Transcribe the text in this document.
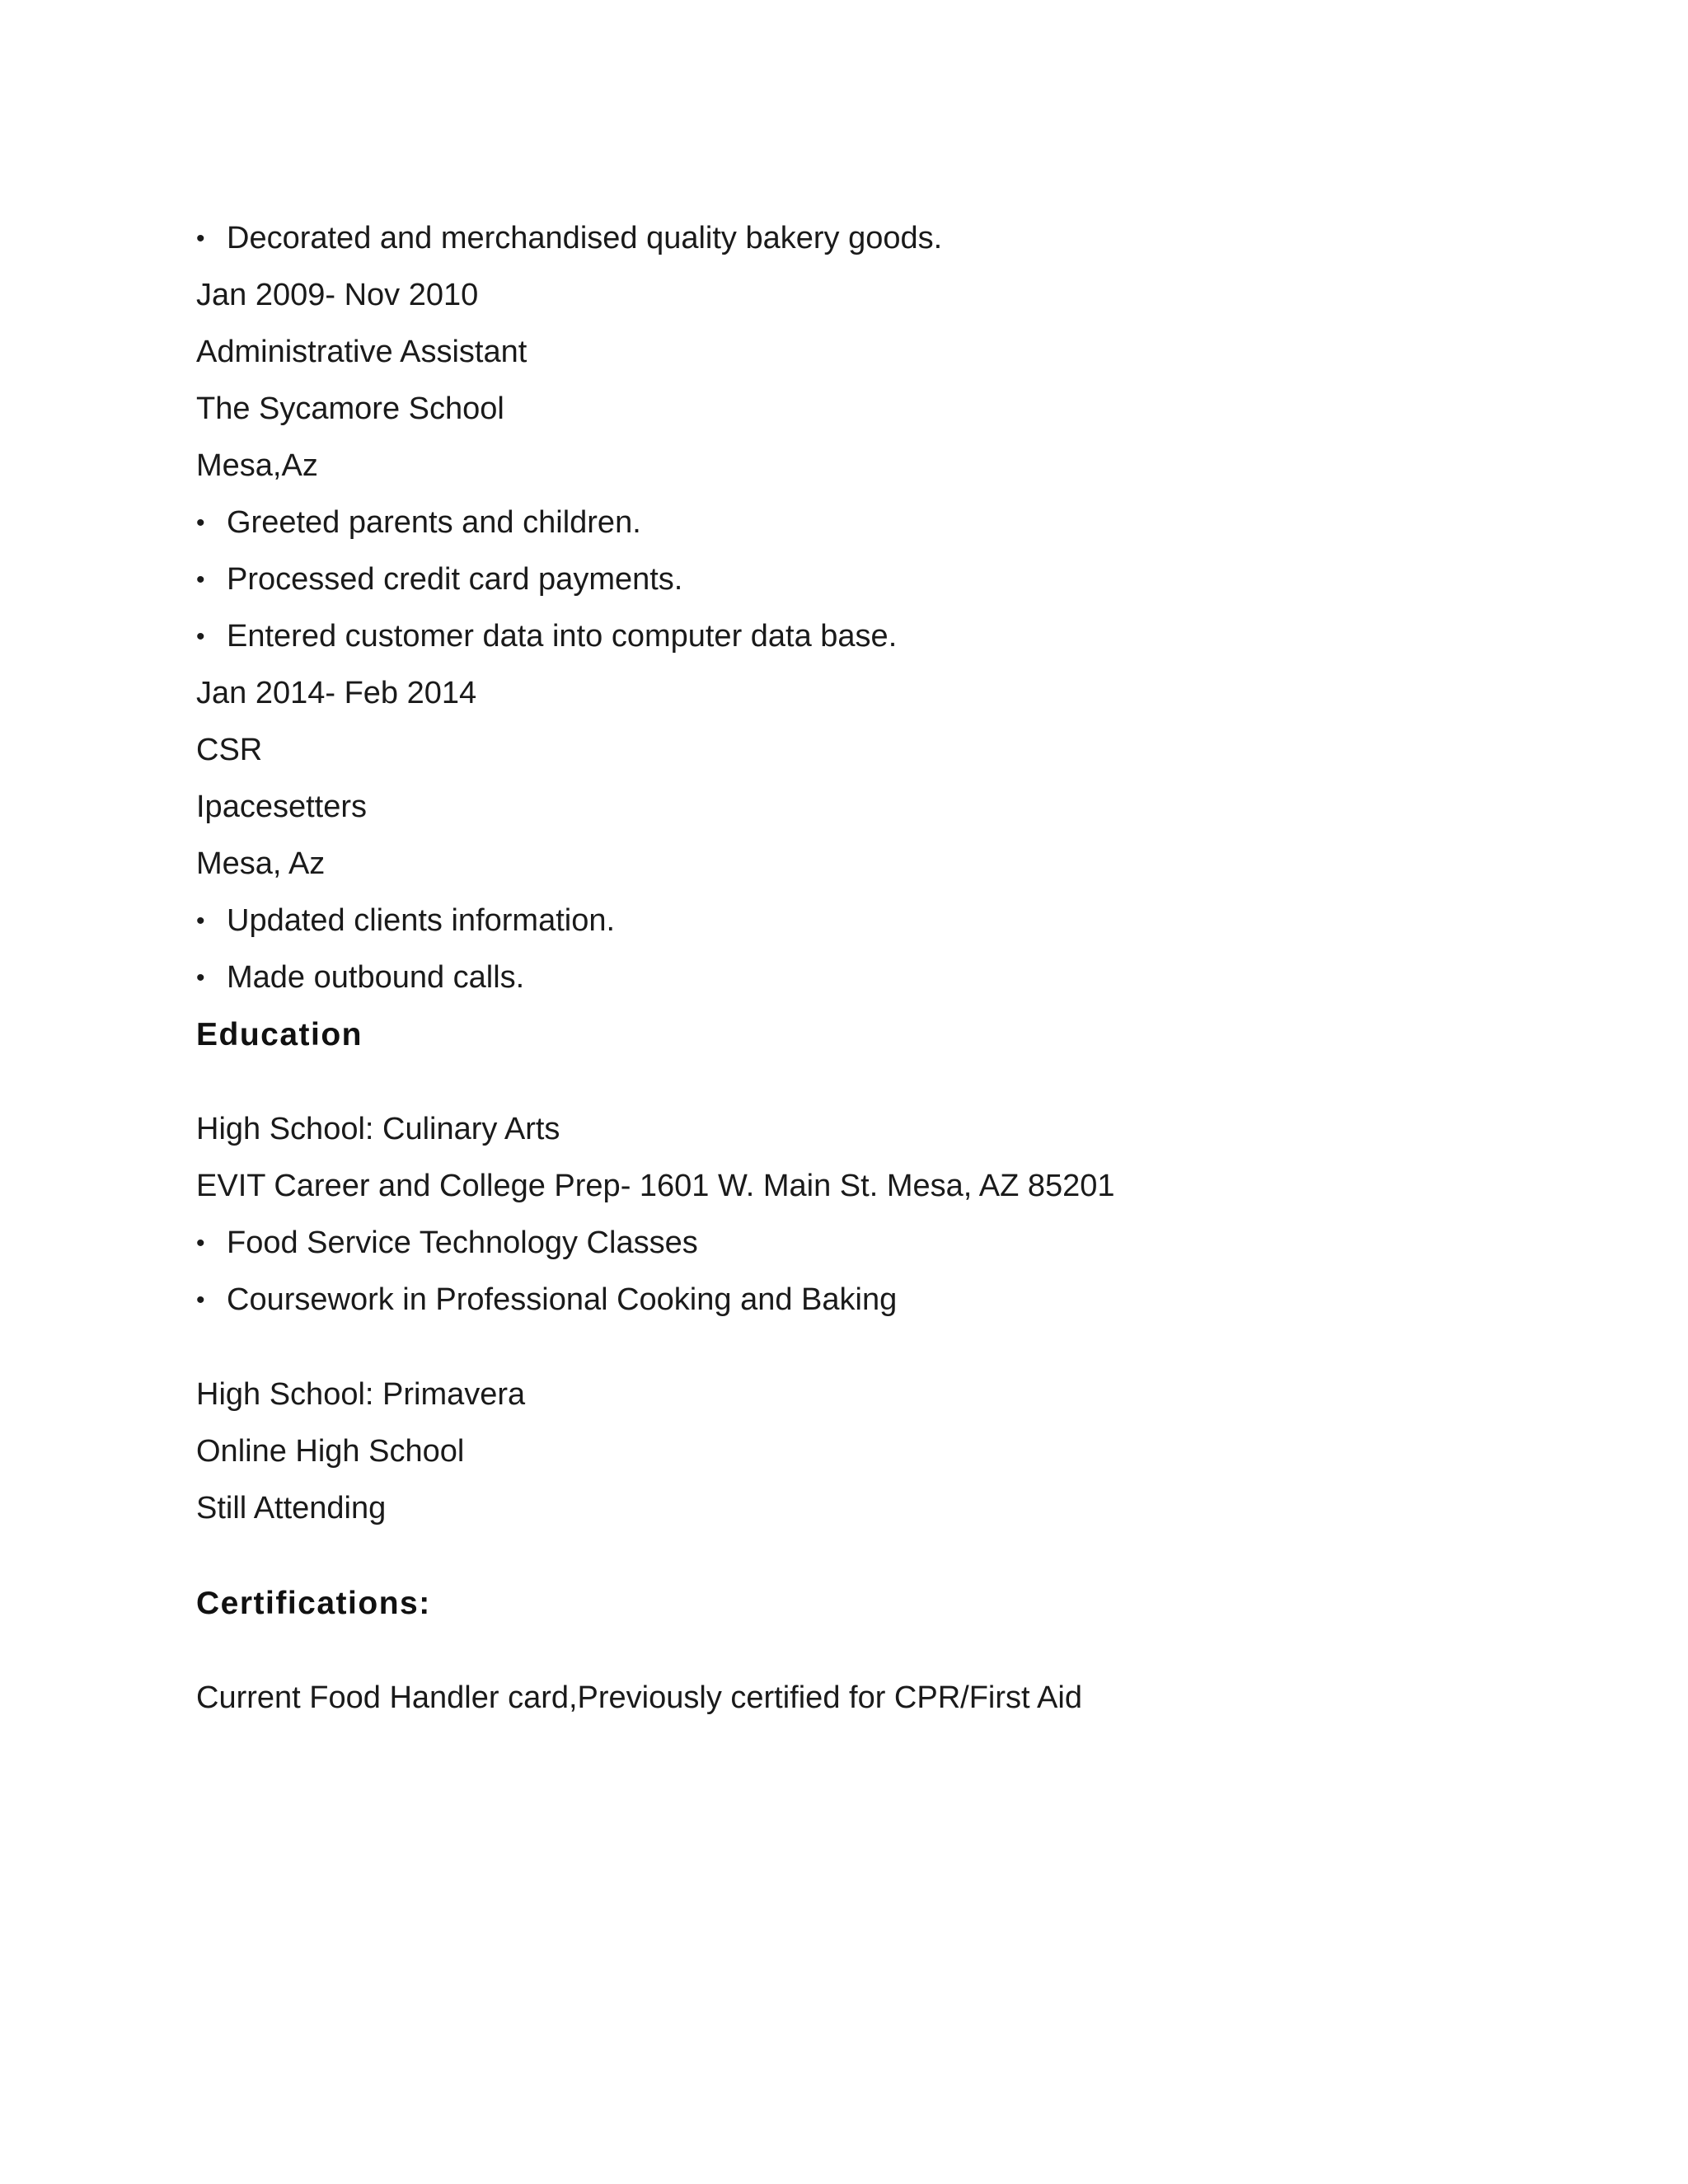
• Decorated and merchandised quality bakery goods.
Jan 2009- Nov 2010
Administrative Assistant
The Sycamore School
Mesa,Az
• Greeted parents and children.
• Processed credit card payments.
• Entered customer data into computer data base.
Jan 2014- Feb 2014
CSR
Ipacesetters
Mesa, Az
• Updated clients information.
• Made outbound calls.
Education
High School: Culinary Arts
EVIT Career and College Prep- 1601 W. Main St. Mesa, AZ 85201
• Food Service Technology Classes
• Coursework in Professional Cooking and Baking
High School: Primavera
Online High School
Still Attending
Certifications:
Current Food Handler card,Previously certified for CPR/First Aid
